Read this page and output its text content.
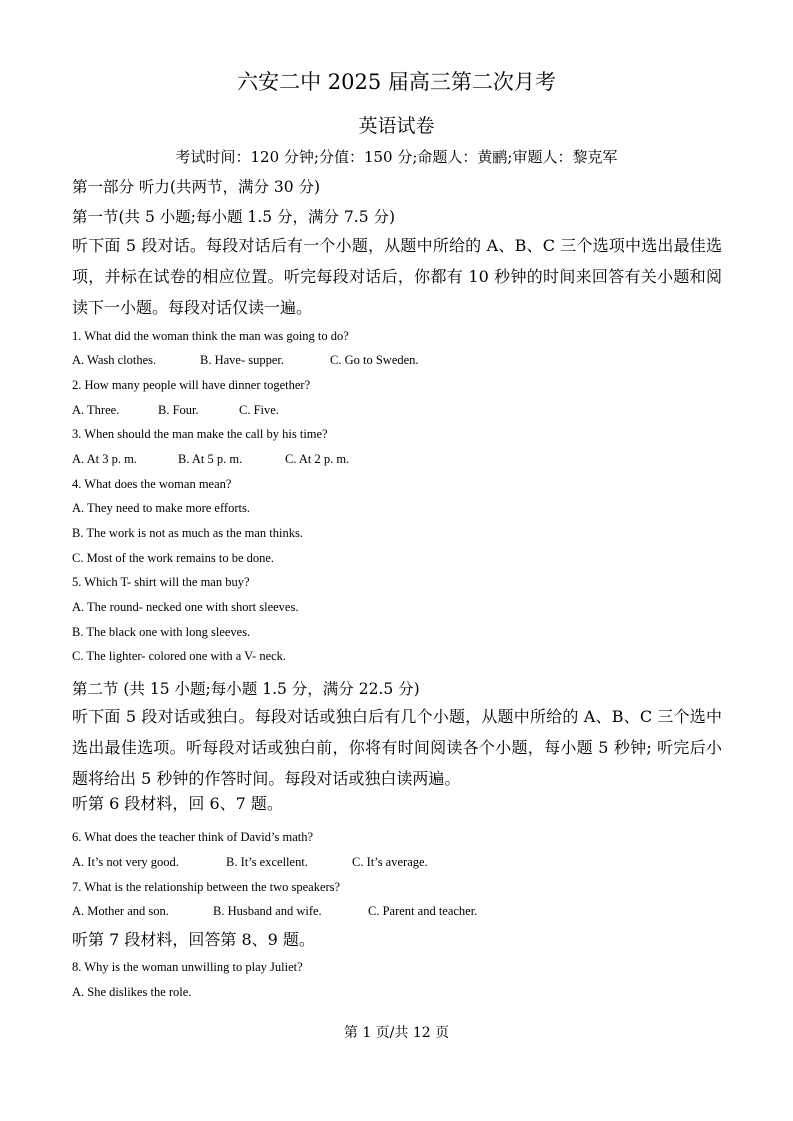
六安二中 2025 届高三第二次月考
英语试卷
考试时间：120 分钟;分值：150 分;命题人：黄鹂;审题人：黎克军
第一部分 听力(共两节，满分 30 分)
第一节(共 5 小题;每小题 1.5 分，满分 7.5 分)
听下面 5 段对话。每段对话后有一个小题，从题中所给的 A、B、C 三个选项中选出最佳选项，并标在试卷的相应位置。听完每段对话后，你都有 10 秒钟的时间来回答有关小题和阅读下一小题。每段对话仅读一遍。
1. What did the woman think the man was going to do?
A. Wash clothes.	B. Have- supper.	C. Go to Sweden.
2. How many people will have dinner together?
A. Three.	B. Four.	C. Five.
3. When should the man make the call by his time?
A. At 3 p. m.	B. At 5 p. m.	C. At 2 p. m.
4. What does the woman mean?
A. They need to make more efforts.
B. The work is not as much as the man thinks.
C. Most of the work remains to be done.
5. Which T- shirt will the man buy?
A. The round- necked one with short sleeves.
B. The black one with long sleeves.
C. The lighter- colored one with a V- neck.
第二节 (共 15 小题;每小题 1.5 分，满分 22.5 分)
听下面 5 段对话或独白。每段对话或独白后有几个小题，从题中所给的 A、B、C 三个选中选出最佳选项。听每段对话或独白前，你将有时间阅读各个小题，每小题 5 秒钟; 听完后小题将给出 5 秒钟的作答时间。每段对话或独白读两遍。
听第 6 段材料，回 6、7 题。
6. What does the teacher think of David’s math?
A. It’s not very good.	B. It’s excellent.	C. It’s average.
7. What is the relationship between the two speakers?
A. Mother and son.	B. Husband and wife.	C. Parent and teacher.
听第 7 段材料，回答第 8、9 题。
8. Why is the woman unwilling to play Juliet?
A. She dislikes the role.
第 1 页/共 12 页
